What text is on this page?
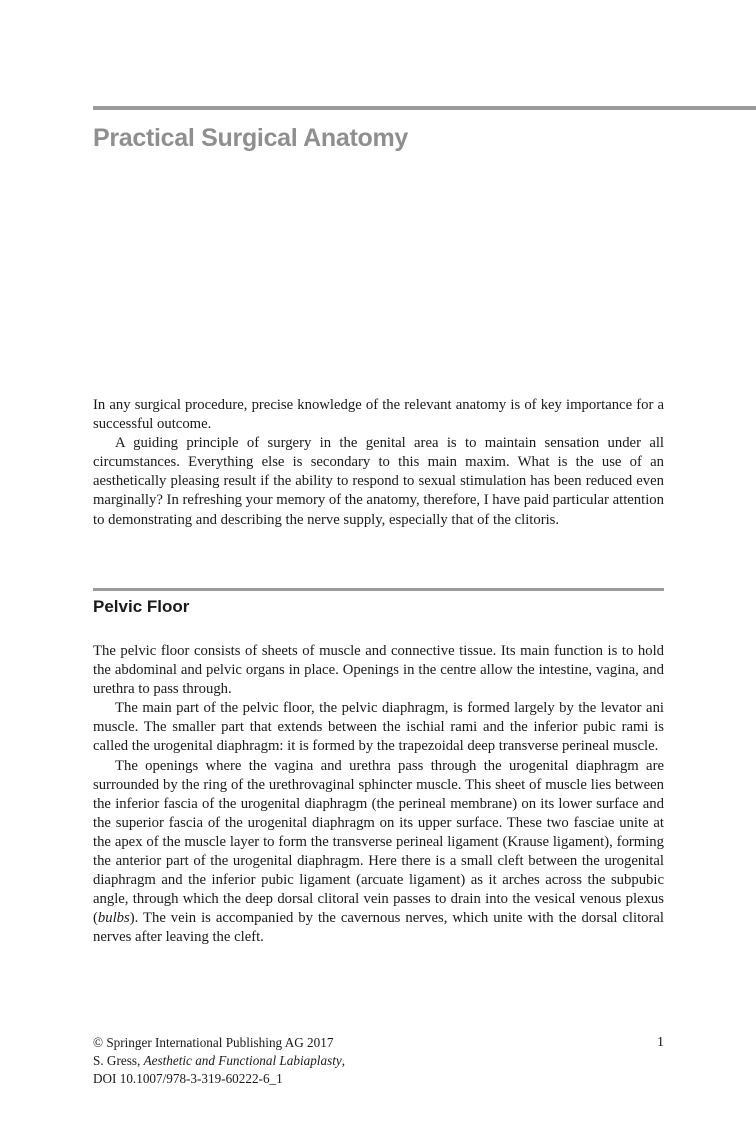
Practical Surgical Anatomy

In any surgical procedure, precise knowledge of the relevant anatomy is of key importance for a successful outcome.

A guiding principle of surgery in the genital area is to maintain sensation under all circumstances. Everything else is secondary to this main maxim. What is the use of an aesthetically pleasing result if the ability to respond to sexual stimulation has been reduced even marginally? In refreshing your memory of the anatomy, therefore, I have paid particular attention to demonstrating and describing the nerve supply, especially that of the clitoris.

Pelvic Floor

The pelvic floor consists of sheets of muscle and connective tissue. Its main function is to hold the abdominal and pelvic organs in place. Openings in the centre allow the intestine, vagina, and urethra to pass through.

The main part of the pelvic floor, the pelvic diaphragm, is formed largely by the levator ani muscle. The smaller part that extends between the ischial rami and the inferior pubic rami is called the urogenital diaphragm: it is formed by the trapezoidal deep transverse perineal muscle.

The openings where the vagina and urethra pass through the urogenital diaphragm are surrounded by the ring of the urethrovaginal sphincter muscle. This sheet of muscle lies between the inferior fascia of the urogenital diaphragm (the perineal membrane) on its lower surface and the superior fascia of the urogenital diaphragm on its upper surface. These two fasciae unite at the apex of the muscle layer to form the transverse perineal ligament (Krause ligament), forming the anterior part of the urogenital diaphragm. Here there is a small cleft between the urogenital diaphragm and the inferior pubic ligament (arcuate ligament) as it arches across the subpubic angle, through which the deep dorsal clitoral vein passes to drain into the vesical venous plexus (bulbs). The vein is accompanied by the cavernous nerves, which unite with the dorsal clitoral nerves after leaving the cleft.

© Springer International Publishing AG 2017
S. Gress, Aesthetic and Functional Labiaplasty,
DOI 10.1007/978-3-319-60222-6_1
1
